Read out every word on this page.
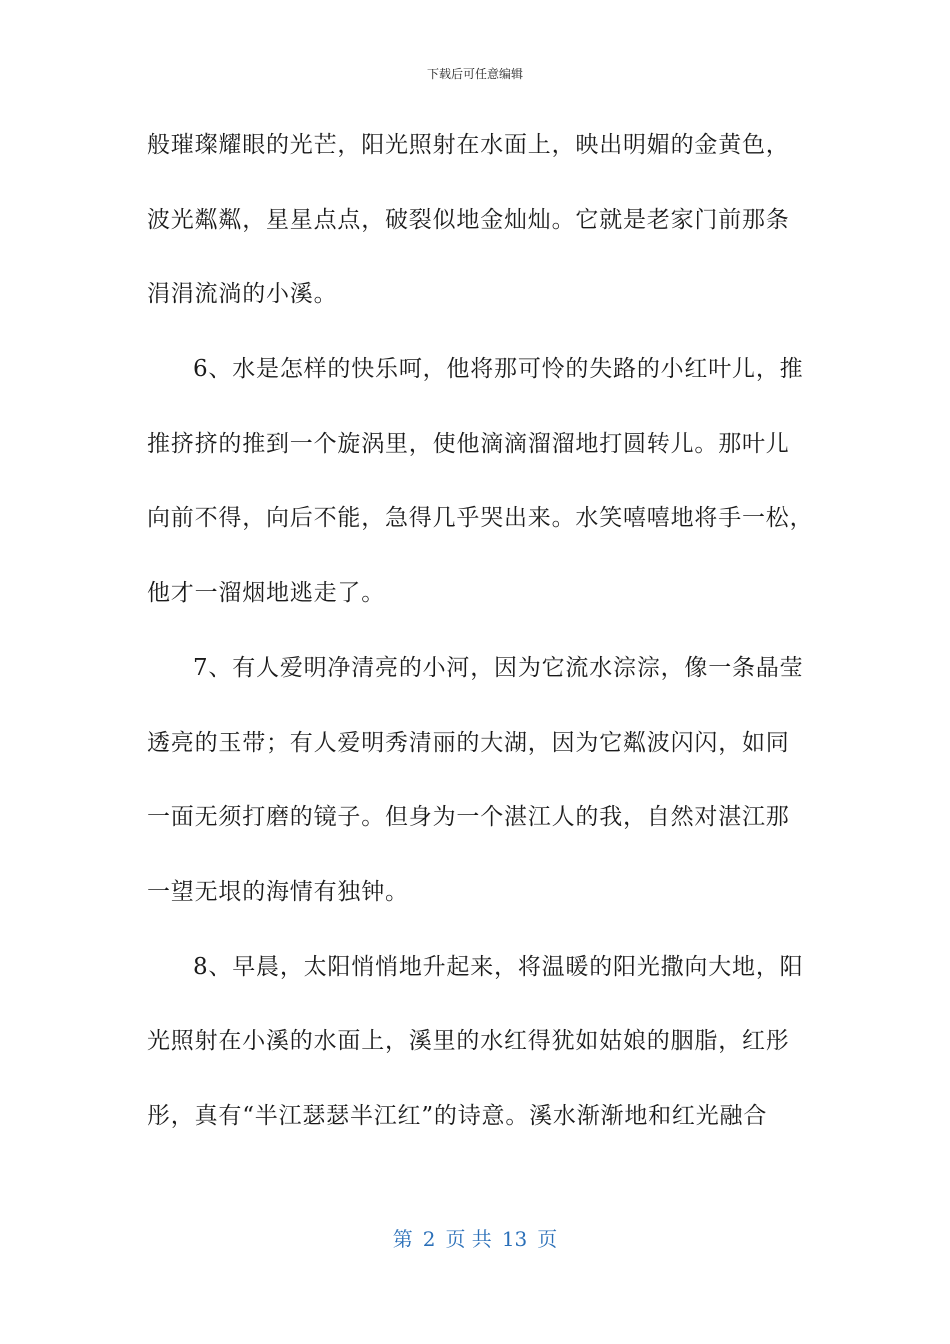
下载后可任意编辑
般璀璨耀眼的光芒，阳光照射在水面上，映出明媚的金黄色，
波光粼粼，星星点点，破裂似地金灿灿。它就是老家门前那条
涓涓流淌的小溪。
6、水是怎样的快乐呵，他将那可怜的失路的小红叶儿，推
推挤挤的推到一个旋涡里，使他滴滴溜溜地打圆转儿。那叶儿
向前不得，向后不能，急得几乎哭出来。水笑嘻嘻地将手一松，
他才一溜烟地逃走了。
7、有人爱明净清亮的小河，因为它流水淙淙，像一条晶莹
透亮的玉带；有人爱明秀清丽的大湖，因为它粼波闪闪，如同
一面无须打磨的镜子。但身为一个湛江人的我，自然对湛江那
一望无垠的海情有独钟。
8、早晨，太阳悄悄地升起来，将温暖的阳光撒向大地，阳
光照射在小溪的水面上，溪里的水红得犹如姑娘的胭脂，红彤
彤，真有“半江瑟瑟半江红”的诗意。溪水渐渐地和红光融合
第 2 页 共 13 页
